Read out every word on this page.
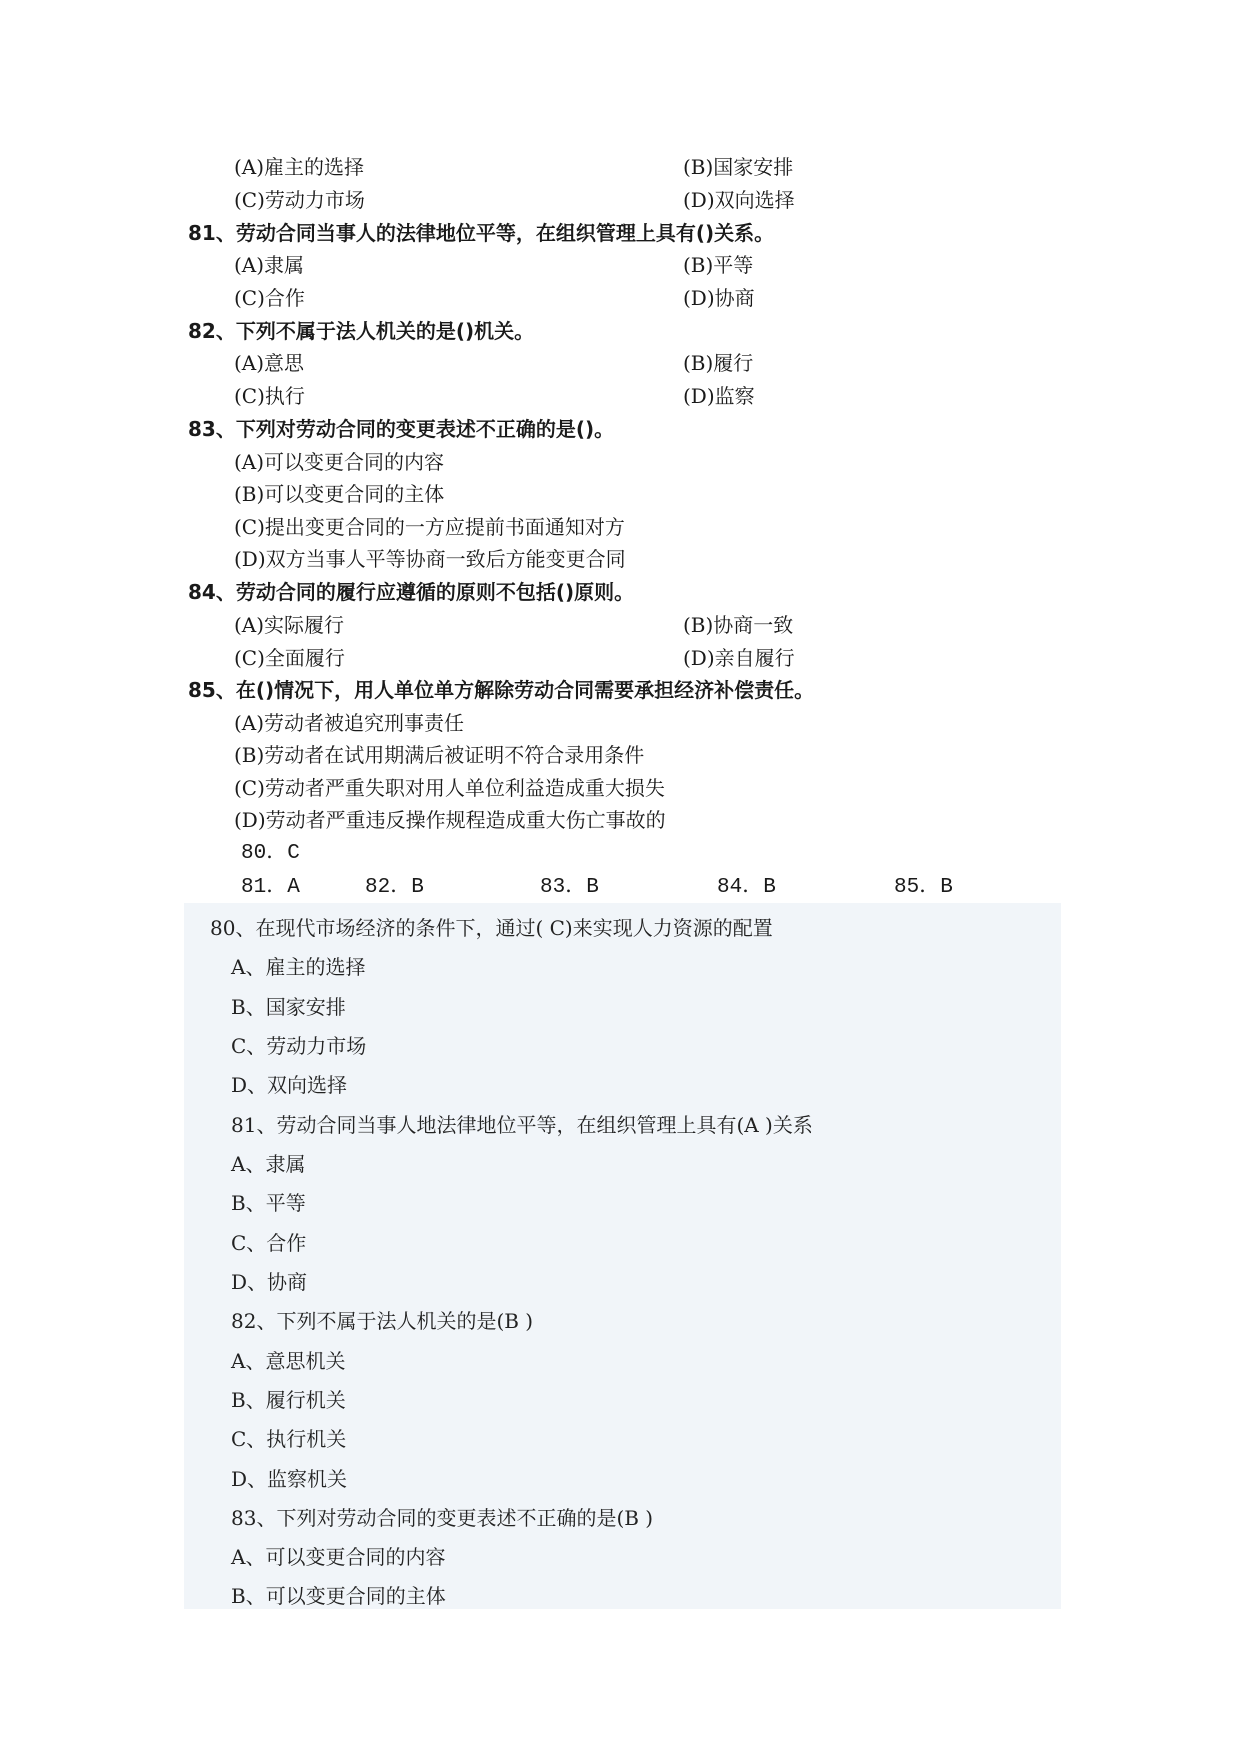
(A)雇主的选择	(B)国家安排
(C)劳动力市场	(D)双向选择
81、劳动合同当事人的法律地位平等，在组织管理上具有()关系。
(A)隶属	(B)平等
(C)合作	(D)协商
82、下列不属于法人机关的是()机关。
(A)意思	(B)履行
(C)执行	(D)监察
83、下列对劳动合同的变更表述不正确的是()。
(A)可以变更合同的内容
(B)可以变更合同的主体
(C)提出变更合同的一方应提前书面通知对方
(D)双方当事人平等协商一致后方能变更合同
84、劳动合同的履行应遵循的原则不包括()原则。
(A)实际履行	(B)协商一致
(C)全面履行	(D)亲自履行
85、在()情况下，用人单位单方解除劳动合同需要承担经济补偿责任。
(A)劳动者被追究刑事责任
(B)劳动者在试用期满后被证明不符合录用条件
(C)劳动者严重失职对用人单位利益造成重大损失
(D)劳动者严重违反操作规程造成重大伤亡事故的
80．C
81．A	82．B	83．B	84．B	85．B
80、在现代市场经济的条件下，通过( C)来实现人力资源的配置
A、雇主的选择
B、国家安排
C、劳动力市场
D、双向选择
81、劳动合同当事人地法律地位平等，在组织管理上具有(A )关系
A、隶属
B、平等
C、合作
D、协商
82、下列不属于法人机关的是(B )
A、意思机关
B、履行机关
C、执行机关
D、监察机关
83、下列对劳动合同的变更表述不正确的是(B )
A、可以变更合同的内容
B、可以变更合同的主体
